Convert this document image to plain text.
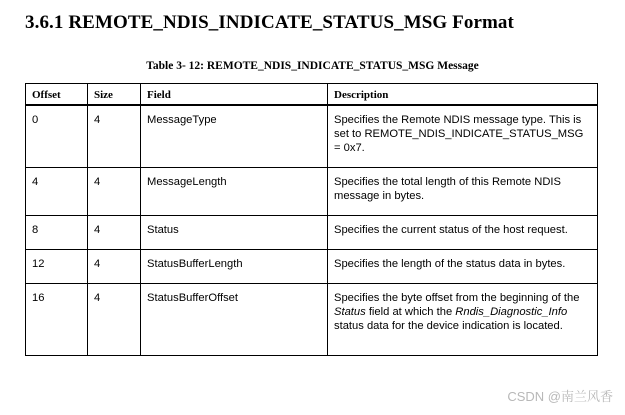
3.6.1 REMOTE_NDIS_INDICATE_STATUS_MSG Format
Table 3- 12: REMOTE_NDIS_INDICATE_STATUS_MSG Message
Offset	Size	Field	Description
0	4	MessageType	Specifies the Remote NDIS message type. This is set to REMOTE_NDIS_INDICATE_STATUS_MSG = 0x7.
4	4	MessageLength	Specifies the total length of this Remote NDIS message in bytes.
8	4	Status	Specifies the current status of the host request.
12	4	StatusBufferLength	Specifies the length of the status data in bytes.
16	4	StatusBufferOffset	Specifies the byte offset from the beginning of the Status field at which the Rndis_Diagnostic_Info status data for the device indication is located.
CSDN @南兰风香
